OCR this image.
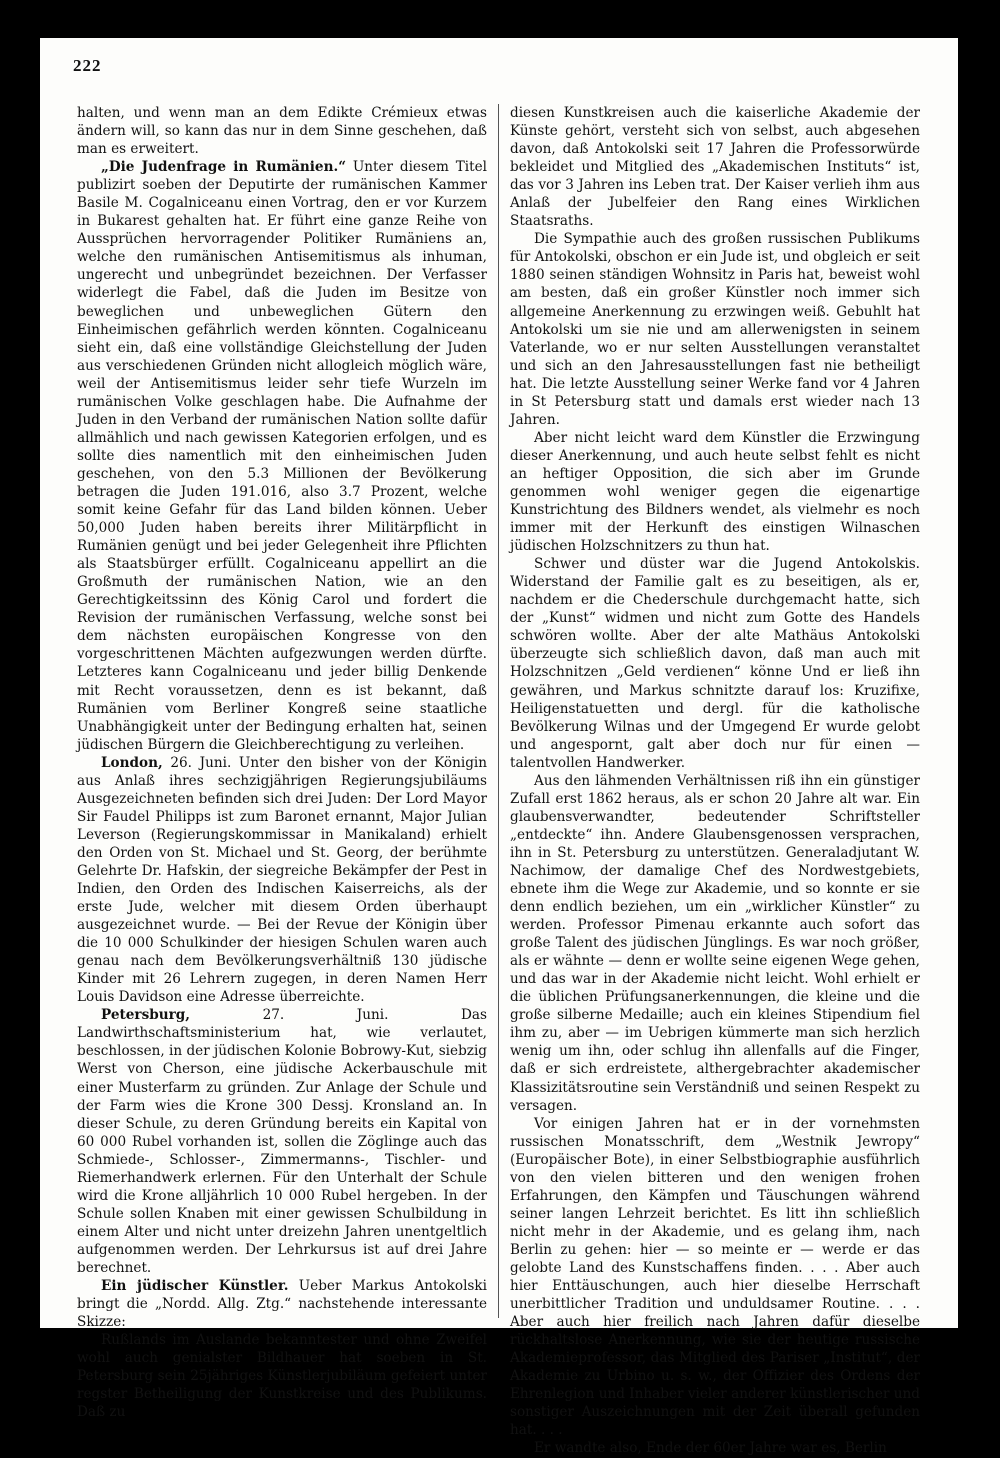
222

halten, und wenn man an dem Edikte Crémieux etwas ändern will, so kann das nur in dem Sinne geschehen, daß man es erweitert.

„Die Judenfrage in Rumänien.“ Unter diesem Titel publizirt soeben der Deputirte der rumänischen Kammer Basile M. Cogalniceanu einen Vortrag, den er vor Kurzem in Bukarest gehalten hat. Er führt eine ganze Reihe von Aussprüchen hervorragender Politiker Rumäniens an, welche den rumänischen Antisemitismus als inhuman, ungerecht und unbegründet bezeichnen. Der Verfasser widerlegt die Fabel, daß die Juden im Besitze von beweglichen und unbeweglichen Gütern den Einheimischen gefährlich werden könnten. Cogalniceanu sieht ein, daß eine vollständige Gleichstellung der Juden aus verschiedenen Gründen nicht allogleich möglich wäre, weil der Antisemitismus leider sehr tiefe Wurzeln im rumänischen Volke geschlagen habe. Die Aufnahme der Juden in den Verband der rumänischen Nation sollte dafür allmählich und nach gewissen Kategorien erfolgen, und es sollte dies namentlich mit den einheimischen Juden geschehen, von den 5.3 Millionen der Bevölkerung betragen die Juden 191.016, also 3.7 Prozent, welche somit keine Gefahr für das Land bilden können. Ueber 50,000 Juden haben bereits ihrer Militärpflicht in Rumänien genügt und bei jeder Gelegenheit ihre Pflichten als Staatsbürger erfüllt. Cogalniceanu appellirt an die Großmuth der rumänischen Nation, wie an den Gerechtigkeitssinn des König Carol und fordert die Revision der rumänischen Verfassung, welche sonst bei dem nächsten europäischen Kongresse von den vorgeschrittenen Mächten aufgezwungen werden dürfte. Letzteres kann Cogalniceanu und jeder billig Denkende mit Recht voraussetzen, denn es ist bekannt, daß Rumänien vom Berliner Kongreß seine staatliche Unabhängigkeit unter der Bedingung erhalten hat, seinen jüdischen Bürgern die Gleichberechtigung zu verleihen.

London, 26. Juni. Unter den bisher von der Königin aus Anlaß ihres sechzigjährigen Regierungsjubiläums Ausgezeichneten befinden sich drei Juden: Der Lord Mayor Sir Faudel Philipps ist zum Baronet ernannt, Major Julian Leverson (Regierungskommissar in Manikaland) erhielt den Orden von St. Michael und St. Georg, der berühmte Gelehrte Dr. Hafskin, der siegreiche Bekämpfer der Pest in Indien, den Orden des Indischen Kaiserreichs, als der erste Jude, welcher mit diesem Orden überhaupt ausgezeichnet wurde. — Bei der Revue der Königin über die 10 000 Schulkinder der hiesigen Schulen waren auch genau nach dem Bevölkerungsverhältniß 130 jüdische Kinder mit 26 Lehrern zugegen, in deren Namen Herr Louis Davidson eine Adresse überreichte.

Petersburg, 27. Juni. Das Landwirthschaftsministerium hat, wie verlautet, beschlossen, in der jüdischen Kolonie Bobrowy-Kut, siebzig Werst von Cherson, eine jüdische Ackerbauschule mit einer Musterfarm zu gründen. Zur Anlage der Schule und der Farm wies die Krone 300 Dessj. Kronsland an. In dieser Schule, zu deren Gründung bereits ein Kapital von 60 000 Rubel vorhanden ist, sollen die Zöglinge auch das Schmiede-, Schlosser-, Zimmermanns-, Tischler- und Riemerhandwerk erlernen. Für den Unterhalt der Schule wird die Krone alljährlich 10 000 Rubel hergeben. In der Schule sollen Knaben mit einer gewissen Schulbildung in einem Alter und nicht unter dreizehn Jahren unentgeltlich aufgenommen werden. Der Lehrkursus ist auf drei Jahre berechnet.

Ein jüdischer Künstler. Ueber Markus Antokolski bringt die „Nordd. Allg. Ztg.“ nachstehende interessante Skizze:

Rußlands im Auslande bekanntester und ohne Zweifel wohl auch genialster Bildhauer hat soeben in St. Petersburg sein 25jähriges Künstlerjubiläum gefeiert unter regster Betheiligung der Kunstkreise und des Publikums. Daß zu

diesen Kunstkreisen auch die kaiserliche Akademie der Künste gehört, versteht sich von selbst, auch abgesehen davon, daß Antokolski seit 17 Jahren die Professorwürde bekleidet und Mitglied des „Akademischen Instituts“ ist, das vor 3 Jahren ins Leben trat. Der Kaiser verlieh ihm aus Anlaß der Jubelfeier den Rang eines Wirklichen Staatsraths.

Die Sympathie auch des großen russischen Publikums für Antokolski, obschon er ein Jude ist, und obgleich er seit 1880 seinen ständigen Wohnsitz in Paris hat, beweist wohl am besten, daß ein großer Künstler noch immer sich allgemeine Anerkennung zu erzwingen weiß. Gebuhlt hat Antokolski um sie nie und am allerwenigsten in seinem Vaterlande, wo er nur selten Ausstellungen veranstaltet und sich an den Jahresausstellungen fast nie betheiligt hat. Die letzte Ausstellung seiner Werke fand vor 4 Jahren in St Petersburg statt und damals erst wieder nach 13 Jahren.

Aber nicht leicht ward dem Künstler die Erzwingung dieser Anerkennung, und auch heute selbst fehlt es nicht an heftiger Opposition, die sich aber im Grunde genommen wohl weniger gegen die eigenartige Kunstrichtung des Bildners wendet, als vielmehr es noch immer mit der Herkunft des einstigen Wilnaschen jüdischen Holzschnitzers zu thun hat.

Schwer und düster war die Jugend Antokolskis. Widerstand der Familie galt es zu beseitigen, als er, nachdem er die Chederschule durchgemacht hatte, sich der „Kunst“ widmen und nicht zum Gotte des Handels schwören wollte. Aber der alte Mathäus Antokolski überzeugte sich schließlich davon, daß man auch mit Holzschnitzen „Geld verdienen“ könne Und er ließ ihn gewähren, und Markus schnitzte darauf los: Kruzifixe, Heiligenstatuetten und dergl. für die katholische Bevölkerung Wilnas und der Umgegend Er wurde gelobt und angespornt, galt aber doch nur für einen — talentvollen Handwerker.

Aus den lähmenden Verhältnissen riß ihn ein günstiger Zufall erst 1862 heraus, als er schon 20 Jahre alt war. Ein glaubensverwandter, bedeutender Schriftsteller „entdeckte“ ihn. Andere Glaubensgenossen versprachen, ihn in St. Petersburg zu unterstützen. Generaladjutant W. Nachimow, der damalige Chef des Nordwestgebiets, ebnete ihm die Wege zur Akademie, und so konnte er sie denn endlich beziehen, um ein „wirklicher Künstler“ zu werden. Professor Pimenau erkannte auch sofort das große Talent des jüdischen Jünglings. Es war noch größer, als er wähnte — denn er wollte seine eigenen Wege gehen, und das war in der Akademie nicht leicht. Wohl erhielt er die üblichen Prüfungsanerkennungen, die kleine und die große silberne Medaille; auch ein kleines Stipendium fiel ihm zu, aber — im Uebrigen kümmerte man sich herzlich wenig um ihn, oder schlug ihn allenfalls auf die Finger, daß er sich erdreistete, althergebrachter akademischer Klassizitätsroutine sein Verständniß und seinen Respekt zu versagen.

Vor einigen Jahren hat er in der vornehmsten russischen Monatsschrift, dem „Westnik Jewropy“ (Europäischer Bote), in einer Selbstbiographie ausführlich von den vielen bitteren und den wenigen frohen Erfahrungen, den Kämpfen und Täuschungen während seiner langen Lehrzeit berichtet. Es litt ihn schließlich nicht mehr in der Akademie, und es gelang ihm, nach Berlin zu gehen: hier — so meinte er — werde er das gelobte Land des Kunstschaffens finden. . . . Aber auch hier Enttäuschungen, auch hier dieselbe Herrschaft unerbittlicher Tradition und unduldsamer Routine. . . . Aber auch hier freilich nach Jahren dafür dieselbe rückhaltslose Anerkennung, wie sie der heutige russische Akademieprofessor, das Mitglied des Pariser „Institut“, der Akademie zu Urbino u. s. w., der Offizier des Ordens der Ehrenlegion und Inhaber vieler anderer künstlerischer und sonstiger Auszeichnungen mit der Zeit überall gefunden hat. . . .

Er wandte also, Ende der 60er Jahre war es, Berlin
